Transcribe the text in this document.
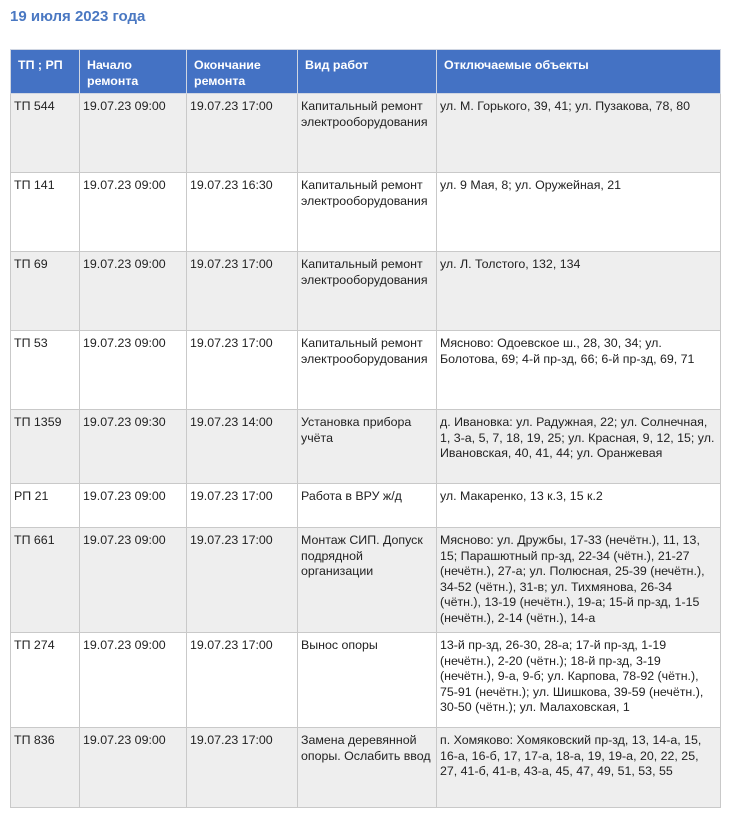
19 июля 2023 года
ТП ; РП	Начало ремонта	Окончание ремонта	Вид работ	Отключаемые объекты
ТП 544	19.07.23 09:00	19.07.23 17:00	Капитальный ремонт электрооборудования	ул. М. Горького, 39, 41; ул. Пузакова, 78, 80
ТП 141	19.07.23 09:00	19.07.23 16:30	Капитальный ремонт электрооборудования	ул. 9 Мая, 8; ул. Оружейная, 21
ТП 69	19.07.23 09:00	19.07.23 17:00	Капитальный ремонт электрооборудования	ул. Л. Толстого, 132, 134
ТП 53	19.07.23 09:00	19.07.23 17:00	Капитальный ремонт электрооборудования	Мясново: Одоевское ш., 28, 30, 34; ул. Болотова, 69; 4-й пр-зд, 66; 6-й пр-зд, 69, 71
ТП 1359	19.07.23 09:30	19.07.23 14:00	Установка прибора учёта	д. Ивановка: ул. Радужная, 22; ул. Солнечная, 1, 3-а, 5, 7, 18, 19, 25; ул. Красная, 9, 12, 15; ул. Ивановская, 40, 41, 44; ул. Оранжевая
РП 21	19.07.23 09:00	19.07.23 17:00	Работа в ВРУ ж/д	ул. Макаренко, 13 к.3, 15 к.2
ТП 661	19.07.23 09:00	19.07.23 17:00	Монтаж СИП. Допуск подрядной организации	Мясново: ул. Дружбы, 17-33 (нечётн.), 11, 13, 15; Парашютный пр-зд, 22-34 (чётн.), 21-27 (нечётн.), 27-а; ул. Полюсная, 25-39 (нечётн.), 34-52 (чётн.), 31-в; ул. Тихмянова, 26-34 (чётн.), 13-19 (нечётн.), 19-а; 15-й пр-зд, 1-15 (нечётн.), 2-14 (чётн.), 14-а
ТП 274	19.07.23 09:00	19.07.23 17:00	Вынос опоры	13-й пр-зд, 26-30, 28-а; 17-й пр-зд, 1-19 (нечётн.), 2-20 (чётн.); 18-й пр-зд, 3-19 (нечётн.), 9-а, 9-б; ул. Карпова, 78-92 (чётн.), 75-91 (нечётн.); ул. Шишкова, 39-59 (нечётн.), 30-50 (чётн.); ул. Малаховская, 1
ТП 836	19.07.23 09:00	19.07.23 17:00	Замена деревянной опоры. Ослабить ввод	п. Хомяково: Хомяковский пр-зд, 13, 14-а, 15, 16-а, 16-б, 17, 17-а, 18-а, 19, 19-а, 20, 22, 25, 27, 41-б, 41-в, 43-а, 45, 47, 49, 51, 53, 55
